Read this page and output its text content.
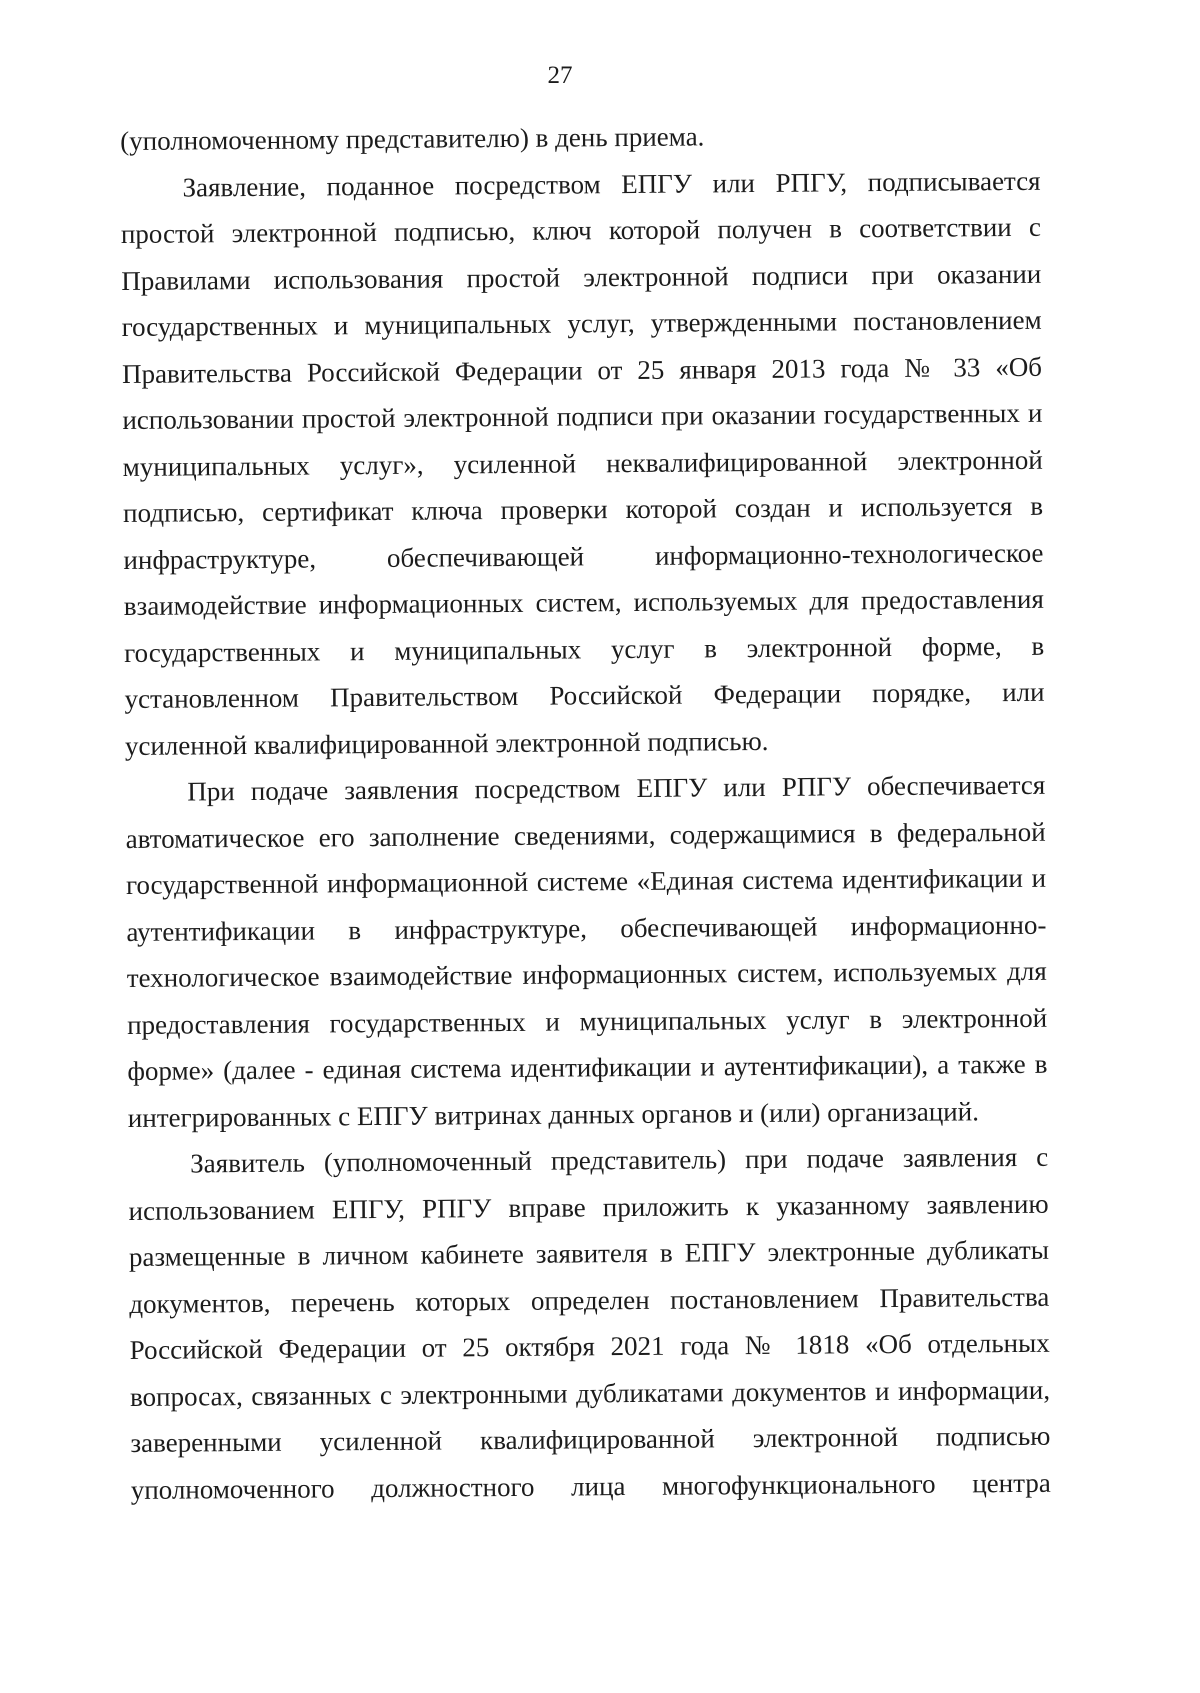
27

(уполномоченному представителю) в день приема.

Заявление, поданное посредством ЕПГУ или РПГУ, подписывается простой электронной подписью, ключ которой получен в соответствии с Правилами использования простой электронной подписи при оказании государственных и муниципальных услуг, утвержденными постановлением Правительства Российской Федерации от 25 января 2013 года № 33 «Об использовании простой электронной подписи при оказании государственных и муниципальных услуг», усиленной неквалифицированной электронной подписью, сертификат ключа проверки которой создан и используется в инфраструктуре, обеспечивающей информационно-технологическое взаимодействие информационных систем, используемых для предоставления государственных и муниципальных услуг в электронной форме, в установленном Правительством Российской Федерации порядке, или усиленной квалифицированной электронной подписью.

При подаче заявления посредством ЕПГУ или РПГУ обеспечивается автоматическое его заполнение сведениями, содержащимися в федеральной государственной информационной системе «Единая система идентификации и аутентификации в инфраструктуре, обеспечивающей информационно-технологическое взаимодействие информационных систем, используемых для предоставления государственных и муниципальных услуг в электронной форме» (далее - единая система идентификации и аутентификации), а также в интегрированных с ЕПГУ витринах данных органов и (или) организаций.

Заявитель (уполномоченный представитель) при подаче заявления с использованием ЕПГУ, РПГУ вправе приложить к указанному заявлению размещенные в личном кабинете заявителя в ЕПГУ электронные дубликаты документов, перечень которых определен постановлением Правительства Российской Федерации от 25 октября 2021 года № 1818 «Об отдельных вопросах, связанных с электронными дубликатами документов и информации, заверенными усиленной квалифицированной электронной подписью уполномоченного должностного лица многофункционального центра
